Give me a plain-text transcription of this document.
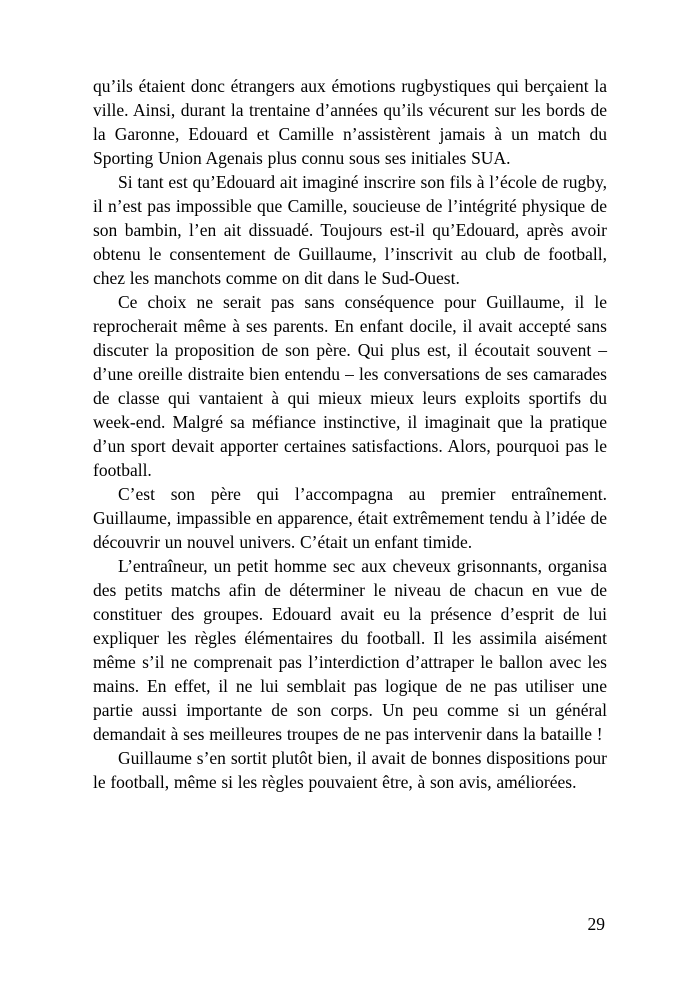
qu’ils étaient donc étrangers aux émotions rugbystiques qui berçaient la ville. Ainsi, durant la trentaine d’années qu’ils vécurent sur les bords de la Garonne, Edouard et Camille n’assistèrent jamais à un match du Sporting Union Agenais plus connu sous ses initiales SUA.

Si tant est qu’Edouard ait imaginé inscrire son fils à l’école de rugby, il n’est pas impossible que Camille, soucieuse de l’intégrité physique de son bambin, l’en ait dissuadé. Toujours est-il qu’Edouard, après avoir obtenu le consentement de Guillaume, l’inscrivit au club de football, chez les manchots comme on dit dans le Sud-Ouest.

Ce choix ne serait pas sans conséquence pour Guillaume, il le reprocherait même à ses parents. En enfant docile, il avait accepté sans discuter la proposition de son père. Qui plus est, il écoutait souvent – d’une oreille distraite bien entendu – les conversations de ses camarades de classe qui vantaient à qui mieux mieux leurs exploits sportifs du week-end. Malgré sa méfiance instinctive, il imaginait que la pratique d’un sport devait apporter certaines satisfactions. Alors, pourquoi pas le football.

C’est son père qui l’accompagna au premier entraînement. Guillaume, impassible en apparence, était extrêmement tendu à l’idée de découvrir un nouvel univers. C’était un enfant timide.

L’entraîneur, un petit homme sec aux cheveux grisonnants, organisa des petits matchs afin de déterminer le niveau de chacun en vue de constituer des groupes. Edouard avait eu la présence d’esprit de lui expliquer les règles élémentaires du football. Il les assimila aisément même s’il ne comprenait pas l’interdiction d’attraper le ballon avec les mains. En effet, il ne lui semblait pas logique de ne pas utiliser une partie aussi importante de son corps. Un peu comme si un général demandait à ses meilleures troupes de ne pas intervenir dans la bataille !

Guillaume s’en sortit plutôt bien, il avait de bonnes dispositions pour le football, même si les règles pouvaient être, à son avis, améliorées.

29
